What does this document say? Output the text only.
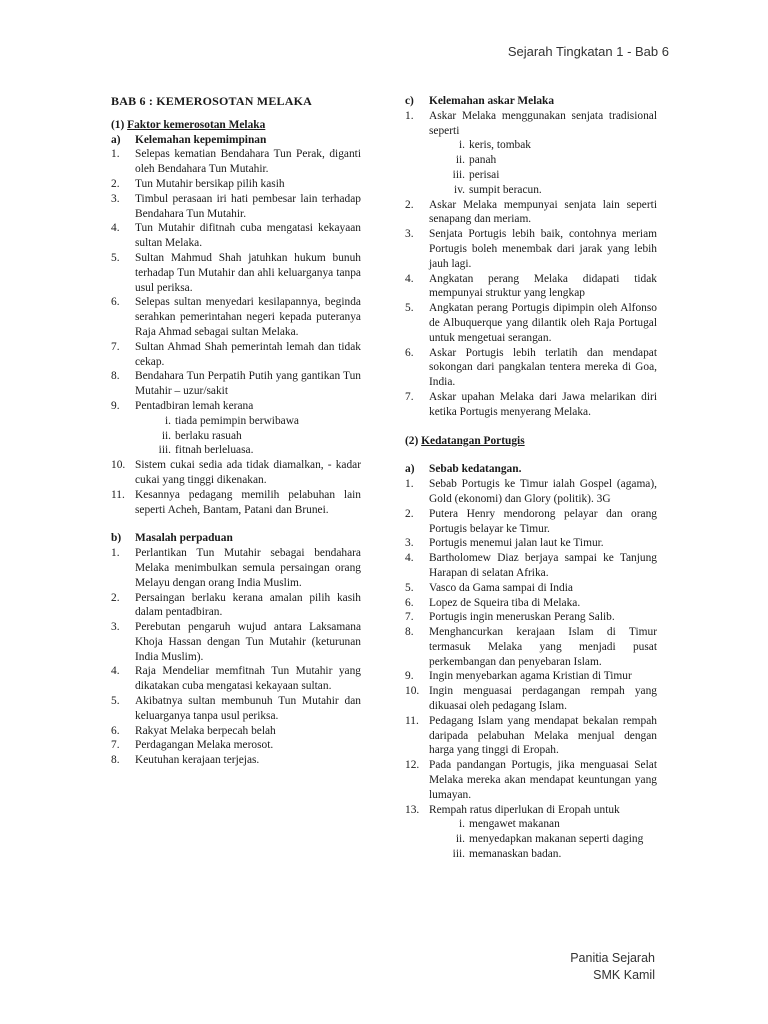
Sejarah Tingkatan 1 - Bab 6
BAB 6 : KEMEROSOTAN MELAKA
(1) Faktor kemerosotan Melaka
a) Kelemahan kepemimpinan
1. Selepas kematian Bendahara Tun Perak, diganti oleh Bendahara Tun Mutahir.
2. Tun Mutahir bersikap pilih kasih
3. Timbul perasaan iri hati pembesar lain terhadap Bendahara Tun Mutahir.
4. Tun Mutahir difitnah cuba mengatasi kekayaan sultan Melaka.
5. Sultan Mahmud Shah jatuhkan hukum bunuh terhadap Tun Mutahir dan ahli keluarganya tanpa usul periksa.
6. Selepas sultan menyedari kesilapannya, beginda serahkan pemerintahan negeri kepada puteranya Raja Ahmad sebagai sultan Melaka.
7. Sultan Ahmad Shah pemerintah lemah dan tidak cekap.
8. Bendahara Tun Perpatih Putih yang gantikan Tun Mutahir – uzur/sakit
9. Pentadbiran lemah kerana
i. tiada pemimpin berwibawa
ii. berlaku rasuah
iii. fitnah berleluasa.
10. Sistem cukai sedia ada tidak diamalkan, - kadar cukai yang tinggi dikenakan.
11. Kesannya pedagang memilih pelabuhan lain seperti Acheh, Bantam, Patani dan Brunei.
b) Masalah perpaduan
1. Perlantikan Tun Mutahir sebagai bendahara Melaka menimbulkan semula persaingan orang Melayu dengan orang India Muslim.
2. Persaingan berlaku kerana amalan pilih kasih dalam pentadbiran.
3. Perebutan pengaruh wujud antara Laksamana Khoja Hassan dengan Tun Mutahir (keturunan India Muslim).
4. Raja Mendeliar memfitnah Tun Mutahir yang dikatakan cuba mengatasi kekayaan sultan.
5. Akibatnya sultan membunuh Tun Mutahir dan keluarganya tanpa usul periksa.
6. Rakyat Melaka berpecah belah
7. Perdagangan Melaka merosot.
8. Keutuhan kerajaan terjejas.
c) Kelemahan askar Melaka
1. Askar Melaka menggunakan senjata tradisional seperti
i. keris, tombak
ii. panah
iii. perisai
iv. sumpit beracun.
2. Askar Melaka mempunyai senjata lain seperti senapang dan meriam.
3. Senjata Portugis lebih baik, contohnya meriam Portugis boleh menembak dari jarak yang lebih jauh lagi.
4. Angkatan perang Melaka didapati tidak mempunyai struktur yang lengkap
5. Angkatan perang Portugis dipimpin oleh Alfonso de Albuquerque yang dilantik oleh Raja Portugal untuk mengetuai serangan.
6. Askar Portugis lebih terlatih dan mendapat sokongan dari pangkalan tentera mereka di Goa, India.
7. Askar upahan Melaka dari Jawa melarikan diri ketika Portugis menyerang Melaka.
(2) Kedatangan Portugis
a) Sebab kedatangan.
1. Sebab Portugis ke Timur ialah Gospel (agama), Gold (ekonomi) dan Glory (politik). 3G
2. Putera Henry mendorong pelayar dan orang Portugis belayar ke Timur.
3. Portugis menemui jalan laut ke Timur.
4. Bartholomew Diaz berjaya sampai ke Tanjung Harapan di selatan Afrika.
5. Vasco da Gama sampai di India
6. Lopez de Squeira tiba di Melaka.
7. Portugis ingin meneruskan Perang Salib.
8. Menghancurkan kerajaan Islam di Timur termasuk Melaka yang menjadi pusat perkembangan dan penyebaran Islam.
9. Ingin menyebarkan agama Kristian di Timur
10. Ingin menguasai perdagangan rempah yang dikuasai oleh pedagang Islam.
11. Pedagang Islam yang mendapat bekalan rempah daripada pelabuhan Melaka menjual dengan harga yang tinggi di Eropah.
12. Pada pandangan Portugis, jika menguasai Selat Melaka mereka akan mendapat keuntungan yang lumayan.
13. Rempah ratus diperlukan di Eropah untuk
i. mengawet makanan
ii. menyedapkan makanan seperti daging
iii. memanaskan badan.
Panitia Sejarah
SMK Kamil
